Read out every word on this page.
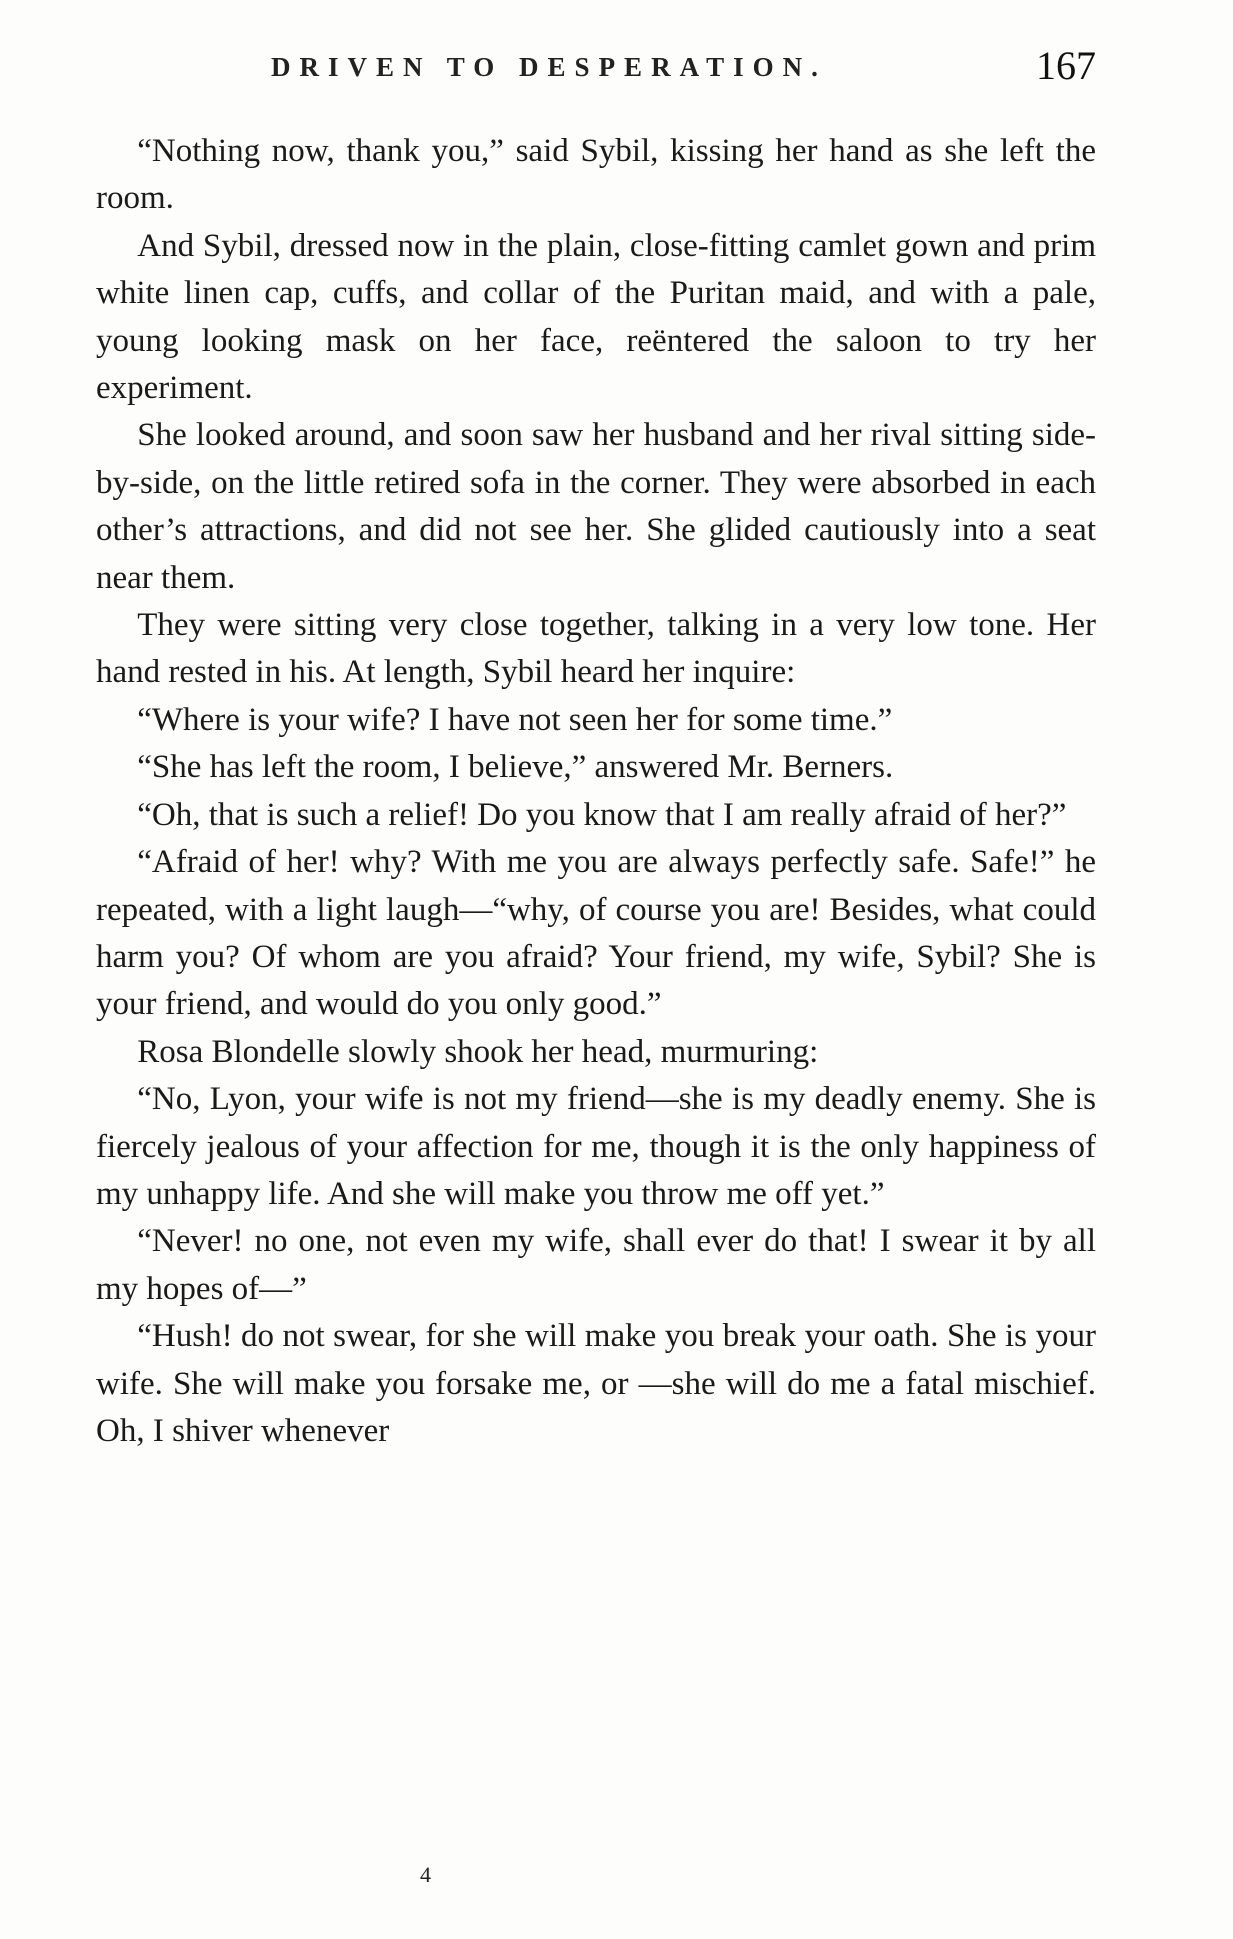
DRIVEN TO DESPERATION.	167

“Nothing now, thank you,” said Sybil, kissing her hand as she left the room.

And Sybil, dressed now in the plain, close-fitting camlet gown and prim white linen cap, cuffs, and collar of the Puritan maid, and with a pale, young looking mask on her face, reëntered the saloon to try her experiment.

She looked around, and soon saw her husband and her rival sitting side-by-side, on the little retired sofa in the corner. They were absorbed in each other’s attractions, and did not see her. She glided cautiously into a seat near them.

They were sitting very close together, talking in a very low tone. Her hand rested in his. At length, Sybil heard her inquire:

“Where is your wife? I have not seen her for some time.”

“She has left the room, I believe,” answered Mr. Berners.

“Oh, that is such a relief! Do you know that I am really afraid of her?”

“Afraid of her! why? With me you are always perfectly safe. Safe!” he repeated, with a light laugh—“why, of course you are! Besides, what could harm you? Of whom are you afraid? Your friend, my wife, Sybil? She is your friend, and would do you only good.”

Rosa Blondelle slowly shook her head, murmuring:

“No, Lyon, your wife is not my friend—she is my deadly enemy. She is fiercely jealous of your affection for me, though it is the only happiness of my unhappy life. And she will make you throw me off yet.”

“Never! no one, not even my wife, shall ever do that! I swear it by all my hopes of—”

“Hush! do not swear, for she will make you break your oath. She is your wife. She will make you forsake me, or —she will do me a fatal mischief. Oh, I shiver whenever

4
